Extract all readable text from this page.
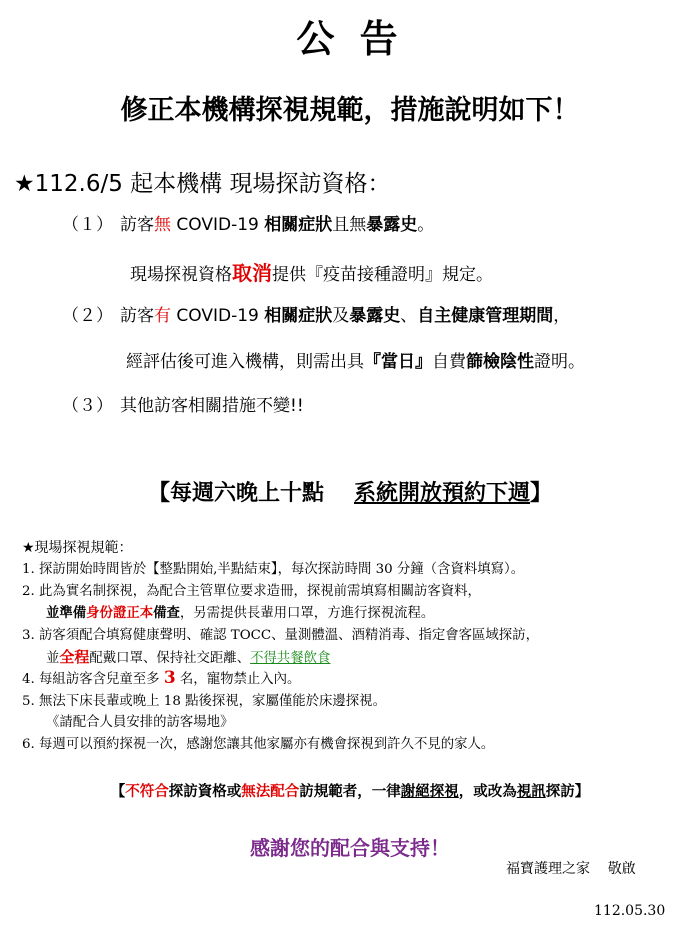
公 告
修正本機構探視規範，措施說明如下！
★112.6/5 起本機構 現場探訪資格：
（１） 訪客無 COVID-19 相關症狀且無暴露史。
現場探視資格取消提供『疫苗接種證明』規定。
（２） 訪客有 COVID-19 相關症狀及暴露史、自主健康管理期間，
經評估後可進入機構，則需出具『當日』自費篩檢陰性證明。
（３） 其他訪客相關措施不變!!
【每週六晚上十點 系統開放預約下週】
★現場探視規範：
1. 探訪開始時間皆於【整點開始,半點結束】，每次探訪時間 30 分鐘（含資料填寫）。
2. 此為實名制探視，為配合主管單位要求造冊，探視前需填寫相關訪客資料，
並準備身份證正本備查，另需提供長輩用口罩，方進行探視流程。
3. 訪客須配合填寫健康聲明、確認 TOCC、量測體溫、酒精消毒、指定會客區域探訪，
並全程配戴口罩、保持社交距離、不得共餐飲食
4. 每組訪客含兒童至多 3 名，寵物禁止入內。
5. 無法下床長輩或晚上 18 點後探視，家屬僅能於床邊探視。
《請配合人員安排的訪客場地》
6. 每週可以預約探視一次，感謝您讓其他家屬亦有機會探視到許久不見的家人。
【不符合探訪資格或無法配合訪規範者，一律謝絕探視，或改為視訊探訪】
感謝您的配合與支持！
福寶護理之家    敬啟
112.05.30
